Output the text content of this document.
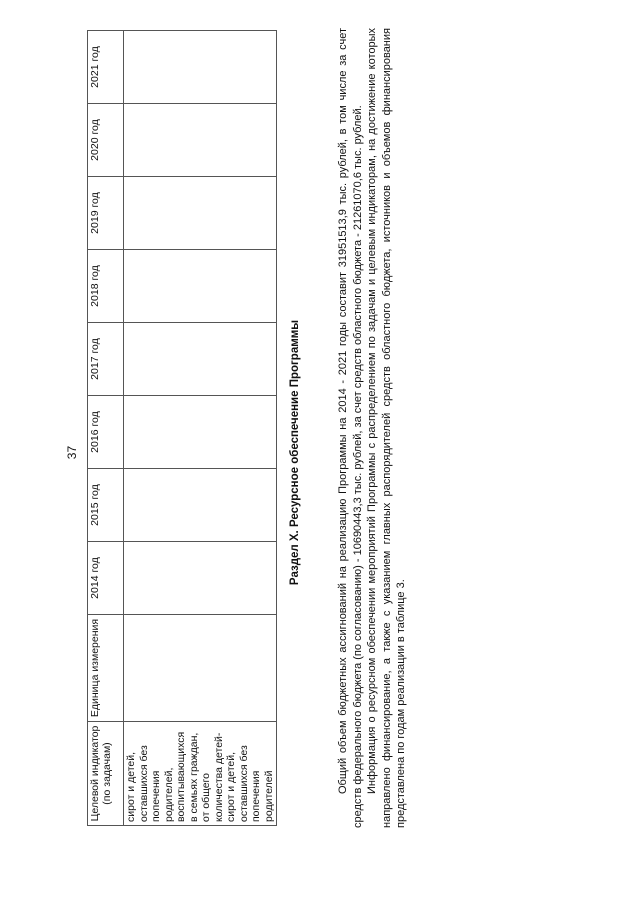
37
Целевой индикатор (по задачам)	Единица измерения	2014 год	2015 год	2016 год	2017 год	2018 год	2019 год	2020 год	2021 год
сирот и детей, оставшихся без попечения родителей, воспитывающихся в семьях граждан, от общего количества детей-сирот и детей, оставшихся без попечения родителей									
Раздел X. Ресурсное обеспечение Программы	Общий объем бюджетных ассигнований на реализацию Программы на 2014 - 2021 годы составит 31951513,9 тыс. рублей, в том числе за счет средств федерального бюджета (по согласованию) - 10690443,3 тыс. рублей, за счет средств областного бюджета - 21261070,6 тыс. рублей. Информация о ресурсном обеспечении мероприятий Программы с распределением по задачам и целевым индикаторам, на достижение которых направлено финансирование, а также с указанием главных распорядителей средств областного бюджета, источников и объемов финансирования представлена по годам реализации в таблице 3.
